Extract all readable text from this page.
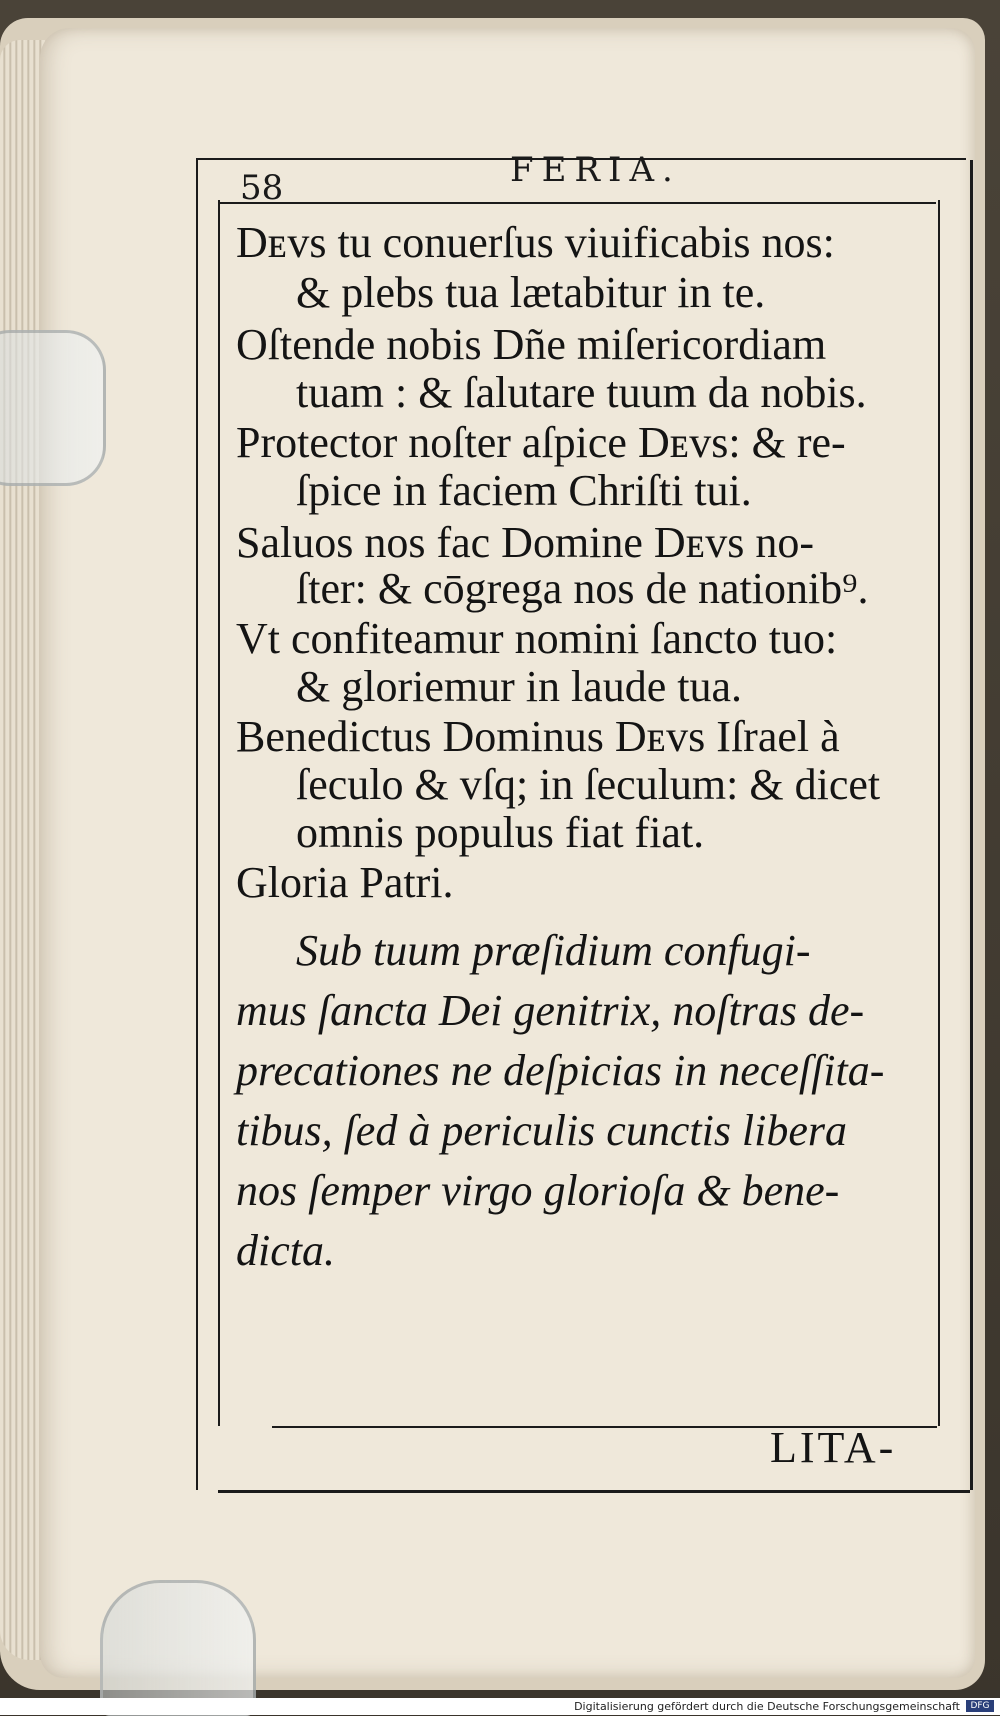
58	FERIA.
Dᴇᴠs tu conuerſus viuificabis nos:
& plebs tua lætabitur in te.
Oſtende nobis Dñe miſericordiam
tuam : & ſalutare tuum da nobis.
Protector noſter aſpice Dᴇᴠs: & re-
ſpice in faciem Chriſti tui.
Saluos nos fac Domine Dᴇᴠs no-
ſter: & cōgrega nos de nationib⁹.
Vt confiteamur nomini ſancto tuo:
& gloriemur in laude tua.
Benedictus Dominus Dᴇᴠs Iſrael à
ſeculo & vſq; in ſeculum: & dicet
omnis populus fiat fiat.
Gloria Patri.
Sub tuum præſidium confugi-
mus ſancta Dei genitrix, noſtras de-
precationes ne deſpicias in neceſſita-
tibus, ſed à periculis cunctis libera
nos ſemper virgo glorioſa & bene-
dicta.
LITA-
Digitalisierung gefördert durch die Deutsche Forschungsgemeinschaft	DFG
